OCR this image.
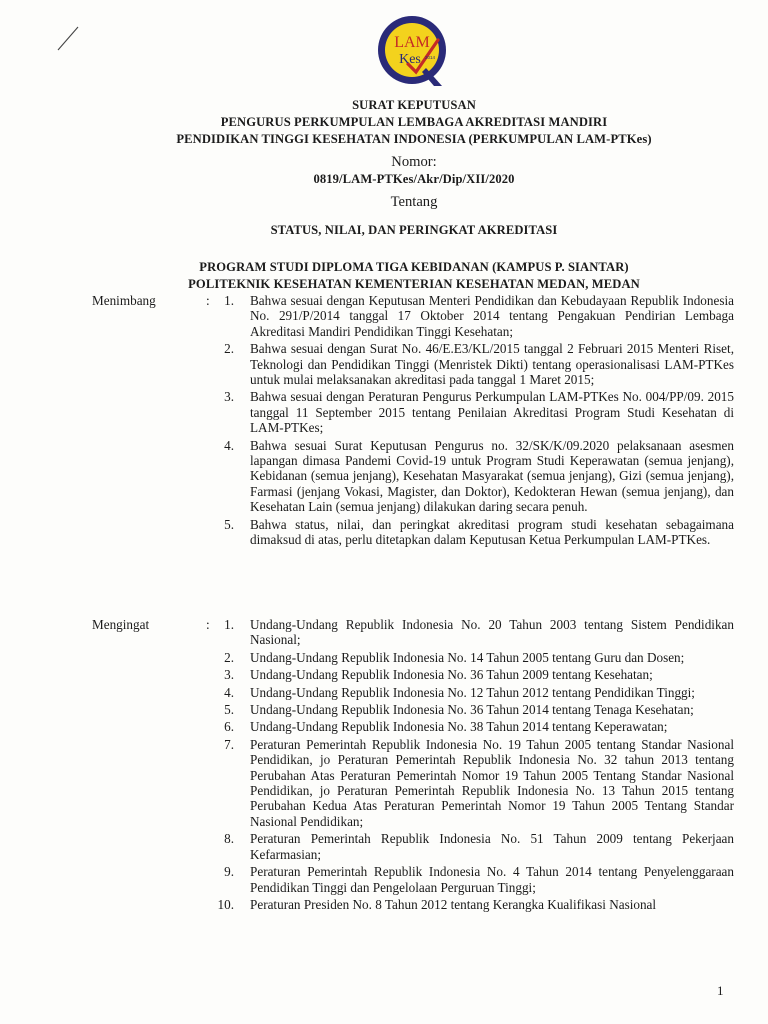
LAM
Kes 2014
SURAT KEPUTUSAN
PENGURUS PERKUMPULAN LEMBAGA AKREDITASI MANDIRI
PENDIDIKAN TINGGI KESEHATAN INDONESIA (PERKUMPULAN LAM-PTKes)
Nomor:
0819/LAM-PTKes/Akr/Dip/XII/2020
Tentang
STATUS, NILAI, DAN PERINGKAT AKREDITASI
PROGRAM STUDI DIPLOMA TIGA KEBIDANAN (KAMPUS P. SIANTAR)
POLITEKNIK KESEHATAN KEMENTERIAN KESEHATAN MEDAN, MEDAN
Menimbang	:	1. Bahwa sesuai dengan Keputusan Menteri Pendidikan dan Kebudayaan Republik Indonesia No. 291/P/2014 tanggal 17 Oktober 2014 tentang Pengakuan Pendirian Lembaga Akreditasi Mandiri Pendidikan Tinggi Kesehatan;
2. Bahwa sesuai dengan Surat No. 46/E.E3/KL/2015 tanggal 2 Februari 2015 Menteri Riset, Teknologi dan Pendidikan Tinggi (Menristek Dikti) tentang operasionalisasi LAM-PTKes untuk mulai melaksanakan akreditasi pada tanggal 1 Maret 2015;
3. Bahwa sesuai dengan Peraturan Pengurus Perkumpulan LAM-PTKes No. 004/PP/09. 2015 tanggal 11 September 2015 tentang Penilaian Akreditasi Program Studi Kesehatan di LAM-PTKes;
4. Bahwa sesuai Surat Keputusan Pengurus no. 32/SK/K/09.2020 pelaksanaan asesmen lapangan dimasa Pandemi Covid-19 untuk Program Studi Keperawatan (semua jenjang), Kebidanan (semua jenjang), Kesehatan Masyarakat (semua jenjang), Gizi (semua jenjang), Farmasi (jenjang Vokasi, Magister, dan Doktor), Kedokteran Hewan (semua jenjang), dan Kesehatan Lain (semua jenjang) dilakukan daring secara penuh.
5. Bahwa status, nilai, dan peringkat akreditasi program studi kesehatan sebagaimana dimaksud di atas, perlu ditetapkan dalam Keputusan Ketua Perkumpulan LAM-PTKes.
Mengingat	:	1. Undang-Undang Republik Indonesia No. 20 Tahun 2003 tentang Sistem Pendidikan Nasional;
2. Undang-Undang Republik Indonesia No. 14 Tahun 2005 tentang Guru dan Dosen;
3. Undang-Undang Republik Indonesia No. 36 Tahun 2009 tentang Kesehatan;
4. Undang-Undang Republik Indonesia No. 12 Tahun 2012 tentang Pendidikan Tinggi;
5. Undang-Undang Republik Indonesia No. 36 Tahun 2014 tentang Tenaga Kesehatan;
6. Undang-Undang Republik Indonesia No. 38 Tahun 2014 tentang Keperawatan;
7. Peraturan Pemerintah Republik Indonesia No. 19 Tahun 2005 tentang Standar Nasional Pendidikan, jo Peraturan Pemerintah Republik Indonesia No. 32 tahun 2013 tentang Perubahan Atas Peraturan Pemerintah Nomor 19 Tahun 2005 Tentang Standar Nasional Pendidikan, jo Peraturan Pemerintah Republik Indonesia No. 13 Tahun 2015 tentang Perubahan Kedua Atas Peraturan Pemerintah Nomor 19 Tahun 2005 Tentang Standar Nasional Pendidikan;
8. Peraturan Pemerintah Republik Indonesia No. 51 Tahun 2009 tentang Pekerjaan Kefarmasian;
9. Peraturan Pemerintah Republik Indonesia No. 4 Tahun 2014 tentang Penyelenggaraan Pendidikan Tinggi dan Pengelolaan Perguruan Tinggi;
10. Peraturan Presiden No. 8 Tahun 2012 tentang Kerangka Kualifikasi Nasional
1
